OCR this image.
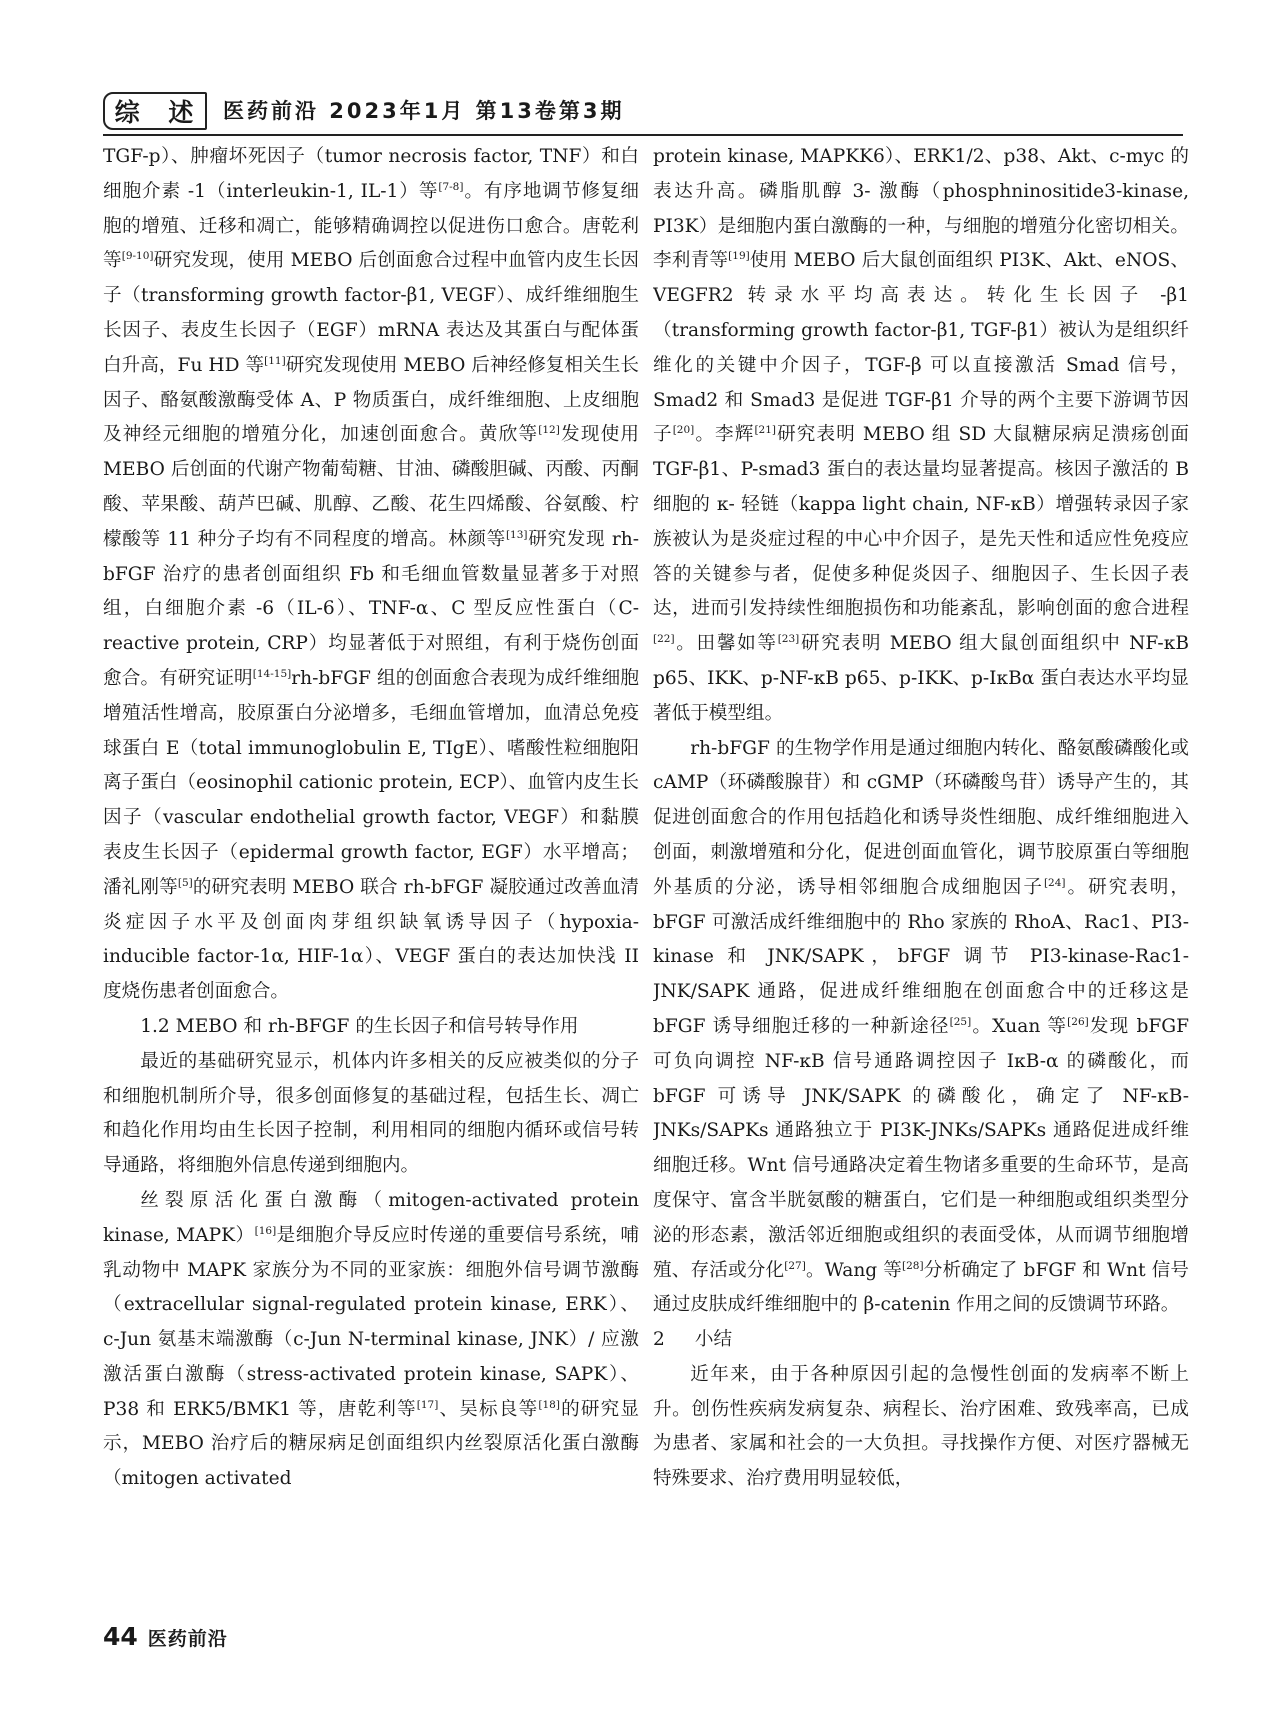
综 述 医药前沿 2023年1月 第13卷第3期

TGF-p）、肿瘤坏死因子（tumor necrosis factor, TNF）和白细胞介素 -1（interleukin-1, IL-1）等[7-8]。有序地调节修复细胞的增殖、迁移和凋亡，能够精确调控以促进伤口愈合。唐乾利等[9-10]研究发现，使用 MEBO 后创面愈合过程中血管内皮生长因子（transforming growth factor-β1, VEGF）、成纤维细胞生长因子、表皮生长因子（EGF）mRNA 表达及其蛋白与配体蛋白升高，Fu HD 等[11]研究发现使用 MEBO 后神经修复相关生长因子、酪氨酸激酶受体 A、P 物质蛋白，成纤维细胞、上皮细胞及神经元细胞的增殖分化，加速创面愈合。黄欣等[12]发现使用 MEBO 后创面的代谢产物葡萄糖、甘油、磷酸胆碱、丙酸、丙酮酸、苹果酸、葫芦巴碱、肌醇、乙酸、花生四烯酸、谷氨酸、柠檬酸等 11 种分子均有不同程度的增高。林颜等[13]研究发现 rh-bFGF 治疗的患者创面组织 Fb 和毛细血管数量显著多于对照组，白细胞介素 -6（IL-6）、TNF-α、C 型反应性蛋白（C-reactive protein, CRP）均显著低于对照组，有利于烧伤创面愈合。有研究证明[14-15]rh-bFGF 组的创面愈合表现为成纤维细胞增殖活性增高，胶原蛋白分泌增多，毛细血管增加，血清总免疫球蛋白 E（total immunoglobulin E, TIgE）、嗜酸性粒细胞阳离子蛋白（eosinophil cationic protein, ECP）、血管内皮生长因子（vascular endothelial growth factor, VEGF）和黏膜表皮生长因子（epidermal growth factor, EGF）水平增高；潘礼刚等[5]的研究表明 MEBO 联合 rh-bFGF 凝胶通过改善血清炎症因子水平及创面肉芽组织缺氧诱导因子（hypoxia-inducible factor-1α, HIF-1α）、VEGF 蛋白的表达加快浅 II 度烧伤患者创面愈合。

1.2 MEBO 和 rh-BFGF 的生长因子和信号转导作用

最近的基础研究显示，机体内许多相关的反应被类似的分子和细胞机制所介导，很多创面修复的基础过程，包括生长、凋亡和趋化作用均由生长因子控制，利用相同的细胞内循环或信号转导通路，将细胞外信息传递到细胞内。

丝裂原活化蛋白激酶（mitogen-activated protein kinase, MAPK）[16]是细胞介导反应时传递的重要信号系统，哺乳动物中 MAPK 家族分为不同的亚家族：细胞外信号调节激酶（extracellular signal-regulated protein kinase, ERK）、c-Jun 氨基末端激酶（c-Jun N-terminal kinase, JNK）/ 应激激活蛋白激酶（stress-activated protein kinase, SAPK）、P38 和 ERK5/BMK1 等，唐乾利等[17]、吴标良等[18]的研究显示，MEBO 治疗后的糖尿病足创面组织内丝裂原活化蛋白激酶（mitogen activated

protein kinase, MAPKK6）、ERK1/2、p38、Akt、c-myc 的表达升高。磷脂肌醇 3- 激酶（phosphninositide3-kinase, PI3K）是细胞内蛋白激酶的一种，与细胞的增殖分化密切相关。李利青等[19]使用 MEBO 后大鼠创面组织 PI3K、Akt、eNOS、VEGFR2 转录水平均高表达。转化生长因子 -β1（transforming growth factor-β1, TGF-β1）被认为是组织纤维化的关键中介因子，TGF-β 可以直接激活 Smad 信号，Smad2 和 Smad3 是促进 TGF-β1 介导的两个主要下游调节因子[20]。李辉[21]研究表明 MEBO 组 SD 大鼠糖尿病足溃疡创面 TGF-β1、P-smad3 蛋白的表达量均显著提高。核因子激活的 B 细胞的 κ- 轻链（kappa light chain, NF-κB）增强转录因子家族被认为是炎症过程的中心中介因子，是先天性和适应性免疫应答的关键参与者，促使多种促炎因子、细胞因子、生长因子表达，进而引发持续性细胞损伤和功能紊乱，影响创面的愈合进程[22]。田馨如等[23]研究表明 MEBO 组大鼠创面组织中 NF-κB p65、IKK、p-NF-κB p65、p-IKK、p-IκBα 蛋白表达水平均显著低于模型组。

rh-bFGF 的生物学作用是通过细胞内转化、酪氨酸磷酸化或 cAMP（环磷酸腺苷）和 cGMP（环磷酸鸟苷）诱导产生的，其促进创面愈合的作用包括趋化和诱导炎性细胞、成纤维细胞进入创面，刺激增殖和分化，促进创面血管化，调节胶原蛋白等细胞外基质的分泌，诱导相邻细胞合成细胞因子[24]。研究表明，bFGF 可激活成纤维细胞中的 Rho 家族的 RhoA、Rac1、PI3-kinase 和 JNK/SAPK，bFGF 调节 PI3-kinase-Rac1-JNK/SAPK 通路，促进成纤维细胞在创面愈合中的迁移这是 bFGF 诱导细胞迁移的一种新途径[25]。Xuan 等[26]发现 bFGF 可负向调控 NF-κB 信号通路调控因子 IκB-α 的磷酸化，而 bFGF 可诱导 JNK/SAPK 的磷酸化，确定了 NF-κB-JNKs/SAPKs 通路独立于 PI3K-JNKs/SAPKs 通路促进成纤维细胞迁移。Wnt 信号通路决定着生物诸多重要的生命环节，是高度保守、富含半胱氨酸的糖蛋白，它们是一种细胞或组织类型分泌的形态素，激活邻近细胞或组织的表面受体，从而调节细胞增殖、存活或分化[27]。Wang 等[28]分析确定了 bFGF 和 Wnt 信号通过皮肤成纤维细胞中的 β-catenin 作用之间的反馈调节环路。

2 小结

近年来，由于各种原因引起的急慢性创面的发病率不断上升。创伤性疾病发病复杂、病程长、治疗困难、致残率高，已成为患者、家属和社会的一大负担。寻找操作方便、对医疗器械无特殊要求、治疗费用明显较低，

44 医药前沿
